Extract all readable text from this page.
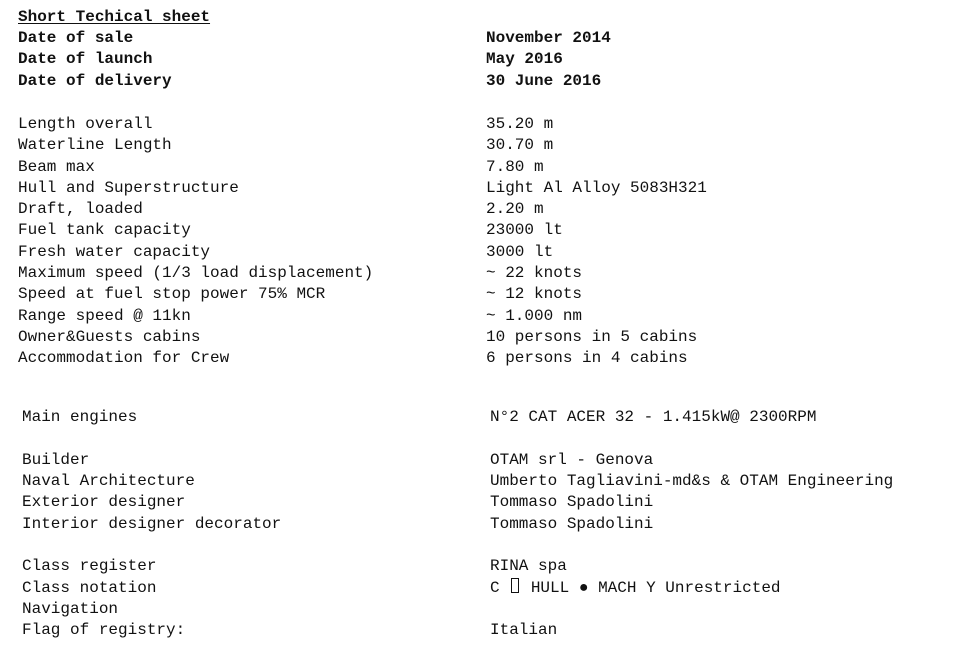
Short Techical sheet
Date of sale	November 2014
Date of launch	May 2016
Date of delivery	30 June 2016
Length overall	35.20 m
Waterline Length	30.70 m
Beam max	7.80 m
Hull and Superstructure	Light Al Alloy 5083H321
Draft, loaded	2.20 m
Fuel tank capacity	23000 lt
Fresh water capacity	3000 lt
Maximum speed (1/3 load displacement)	~ 22 knots
Speed at fuel stop power 75% MCR	~ 12 knots
Range speed @ 11kn	~ 1.000 nm
Owner&Guests cabins	10 persons in 5 cabins
Accommodation for Crew	6 persons in 4 cabins
Main engines	N°2 CAT ACER 32 - 1.415kW@ 2300RPM
Builder	OTAM srl - Genova
Naval Architecture	Umberto Tagliavini-md&s & OTAM Engineering
Exterior designer	Tommaso Spadolini
Interior designer decorator	Tommaso Spadolini
Class register	RINA spa
Class notation	C HULL ● MACH Y Unrestricted
Navigation
Flag of registry:	Italian
